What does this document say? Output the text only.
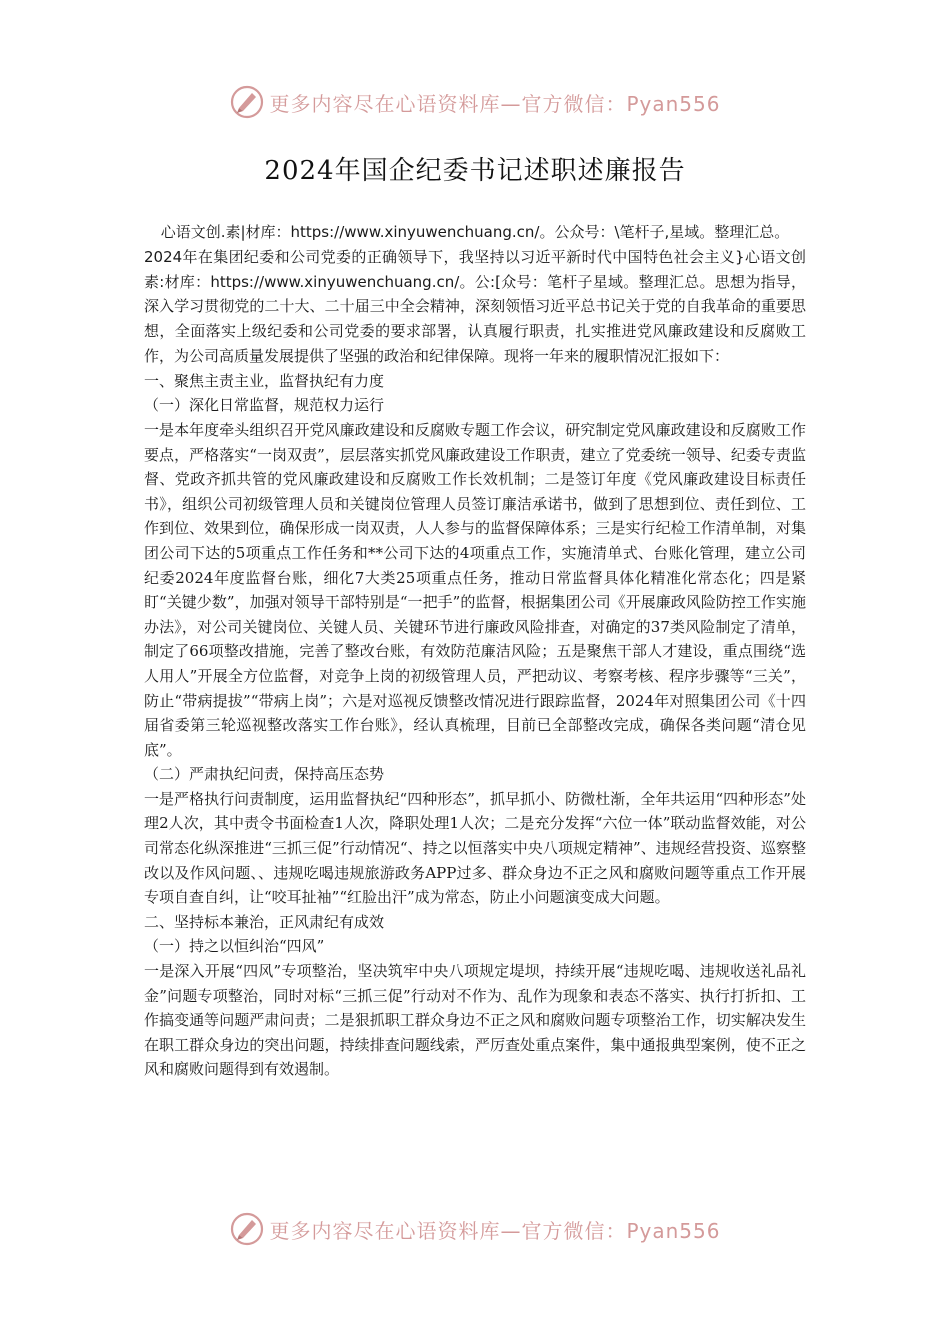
更多内容尽在心语资料库—官方微信：Pyan556
2024年国企纪委书记述职述廉报告

心语文创.素|材库：https://www.xinyuwenchuang.cn/。公众号：\笔杆子,星域。整理汇总。

2024年在集团纪委和公司党委的正确领导下，我坚持以习近平新时代中国特色社会主义}心语文创素:材库：https://www.xinyuwenchuang.cn/。公:[众号：笔杆子星域。整理汇总。思想为指导，深入学习贯彻党的二十大、二十届三中全会精神，深刻领悟习近平总书记关于党的自我革命的重要思想，全面落实上级纪委和公司党委的要求部署，认真履行职责，扎实推进党风廉政建设和反腐败工作，为公司高质量发展提供了坚强的政治和纪律保障。现将一年来的履职情况汇报如下：

一、聚焦主责主业，监督执纪有力度

（一）深化日常监督，规范权力运行

一是本年度牵头组织召开党风廉政建设和反腐败专题工作会议，研究制定党风廉政建设和反腐败工作要点，严格落实“一岗双责”，层层落实抓党风廉政建设工作职责，建立了党委统一领导、纪委专责监督、党政齐抓共管的党风廉政建设和反腐败工作长效机制；二是签订年度《党风廉政建设目标责任书》，组织公司初级管理人员和关键岗位管理人员签订廉洁承诺书，做到了思想到位、责任到位、工作到位、效果到位，确保形成一岗双责，人人参与的监督保障体系；三是实行纪检工作清单制，对集团公司下达的5项重点工作任务和**公司下达的4项重点工作，实施清单式、台账化管理，建立公司纪委2024年度监督台账，细化7大类25项重点任务，推动日常监督具体化精准化常态化；四是紧盯“关键少数”，加强对领导干部特别是“一把手”的监督，根据集团公司《开展廉政风险防控工作实施办法》，对公司关键岗位、关键人员、关键环节进行廉政风险排查，对确定的37类风险制定了清单，制定了66项整改措施，完善了整改台账，有效防范廉洁风险；五是聚焦干部人才建设，重点围绕“选人用人”开展全方位监督，对竞争上岗的初级管理人员，严把动议、考察考核、程序步骤等“三关”，防止“带病提拔”“带病上岗”；六是对巡视反馈整改情况进行跟踪监督，2024年对照集团公司《十四届省委第三轮巡视整改落实工作台账》，经认真梳理，目前已全部整改完成，确保各类问题“清仓见底”。

（二）严肃执纪问责，保持高压态势

一是严格执行问责制度，运用监督执纪“四种形态”，抓早抓小、防微杜渐，全年共运用“四种形态”处理2人次，其中责令书面检查1人次，降职处理1人次；二是充分发挥“六位一体”联动监督效能，对公司常态化纵深推进“三抓三促”行动情况“、持之以恒落实中央八项规定精神”、违规经营投资、巡察整改以及作风问题、、违规吃喝违规旅游政务APP过多、群众身边不正之风和腐败问题等重点工作开展专项自查自纠，让“咬耳扯袖”“红脸出汗”成为常态，防止小问题演变成大问题。

二、坚持标本兼治，正风肃纪有成效

（一）持之以恒纠治“四风”

一是深入开展“四风”专项整治，坚决筑牢中央八项规定堤坝，持续开展“违规吃喝、违规收送礼品礼金”问题专项整治，同时对标“三抓三促”行动对不作为、乱作为现象和表态不落实、执行打折扣、工作搞变通等问题严肃问责；二是狠抓职工群众身边不正之风和腐败问题专项整治工作，切实解决发生在职工群众身边的突出问题，持续排查问题线索，严厉查处重点案件，集中通报典型案例，使不正之风和腐败问题得到有效遏制。

更多内容尽在心语资料库—官方微信：Pyan556
